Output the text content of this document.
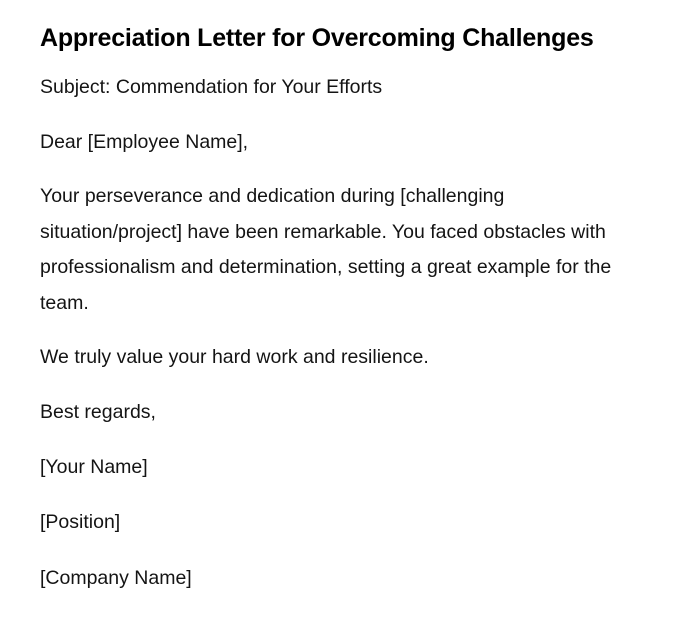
Appreciation Letter for Overcoming Challenges

Subject: Commendation for Your Efforts

Dear [Employee Name],

Your perseverance and dedication during [challenging situation/project] have been remarkable. You faced obstacles with professionalism and determination, setting a great example for the team.

We truly value your hard work and resilience.

Best regards,

[Your Name]

[Position]

[Company Name]
